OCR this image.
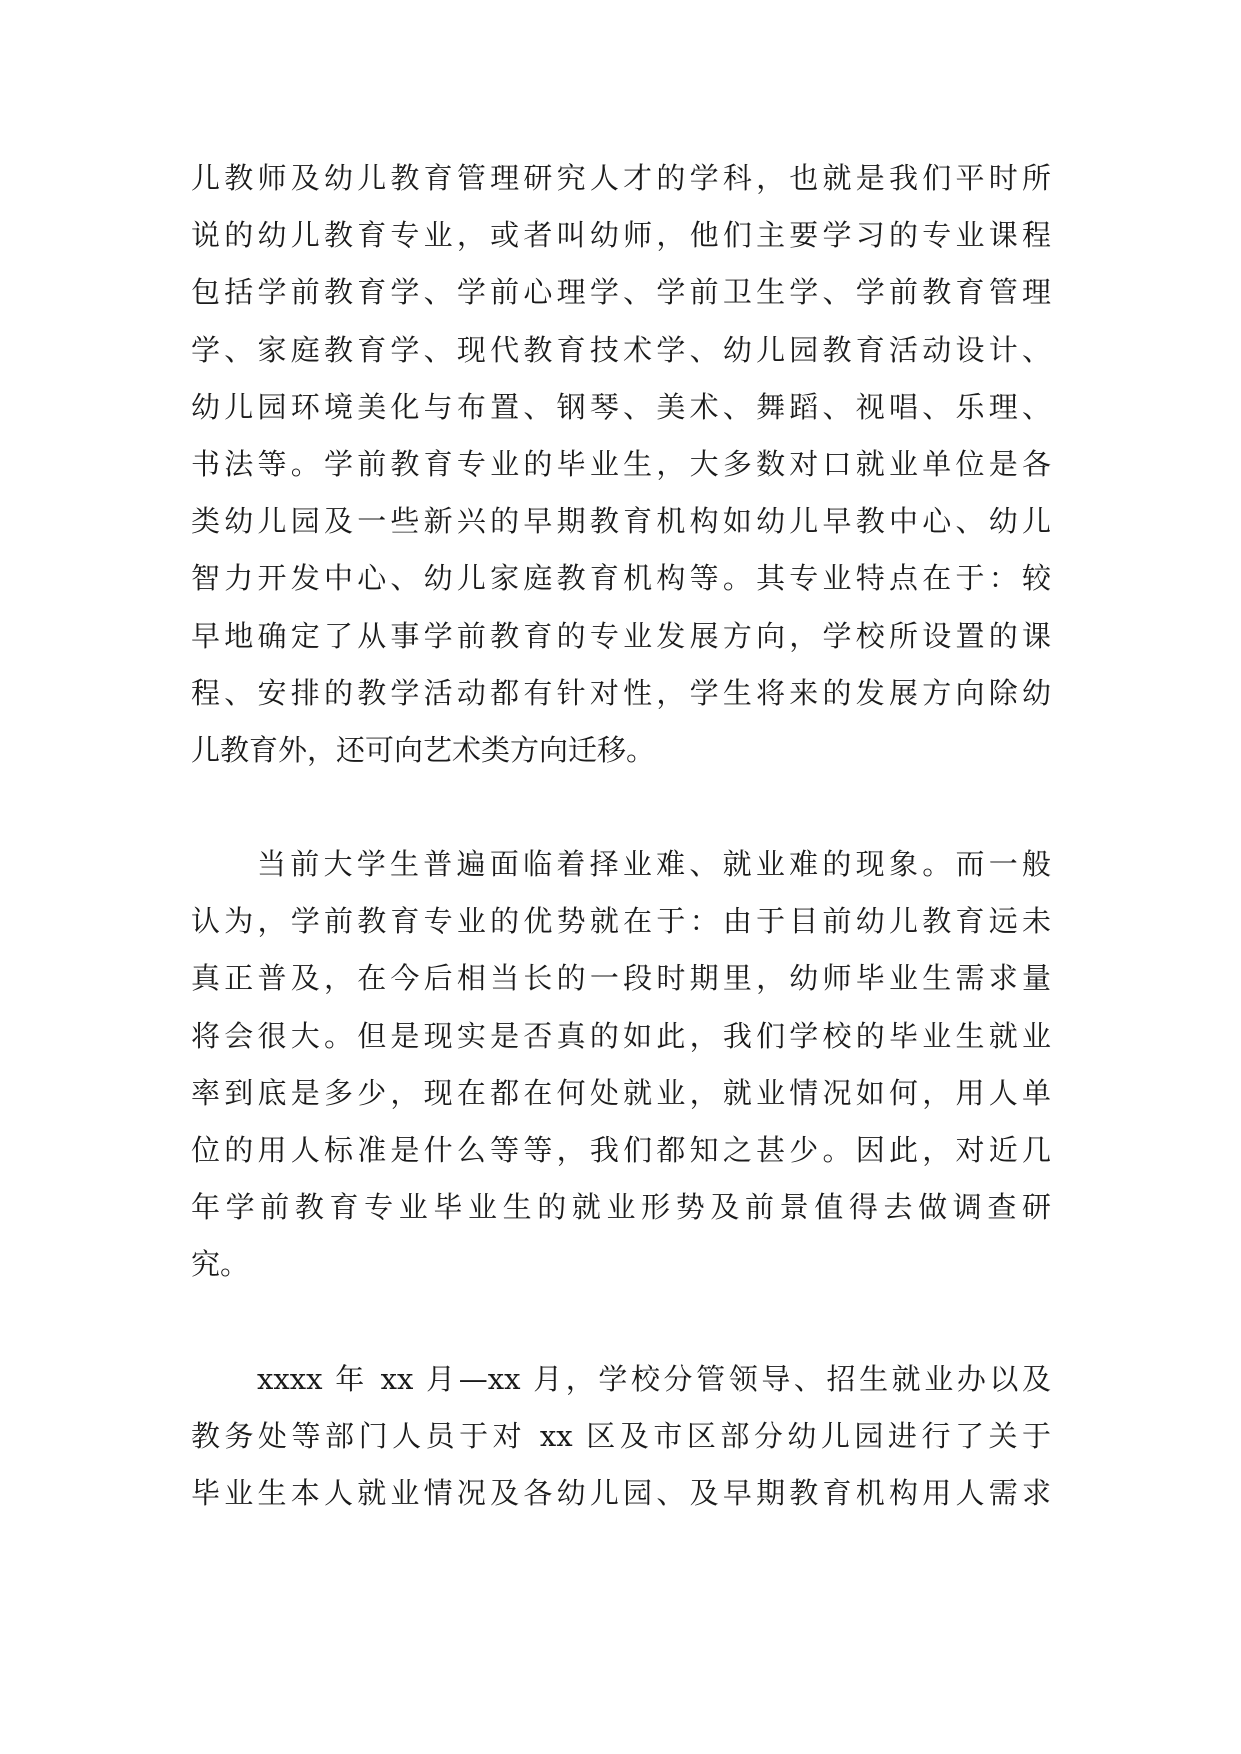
儿教师及幼儿教育管理研究人才的学科，也就是我们平时所
说的幼儿教育专业，或者叫幼师，他们主要学习的专业课程
包括学前教育学、学前心理学、学前卫生学、学前教育管理
学、家庭教育学、现代教育技术学、幼儿园教育活动设计、
幼儿园环境美化与布置、钢琴、美术、舞蹈、视唱、乐理、
书法等。学前教育专业的毕业生，大多数对口就业单位是各
类幼儿园及一些新兴的早期教育机构如幼儿早教中心、幼儿
智力开发中心、幼儿家庭教育机构等。其专业特点在于：较
早地确定了从事学前教育的专业发展方向，学校所设置的课
程、安排的教学活动都有针对性，学生将来的发展方向除幼
儿教育外，还可向艺术类方向迁移。
当前大学生普遍面临着择业难、就业难的现象。而一般
认为，学前教育专业的优势就在于：由于目前幼儿教育远未
真正普及，在今后相当长的一段时期里，幼师毕业生需求量
将会很大。但是现实是否真的如此，我们学校的毕业生就业
率到底是多少，现在都在何处就业，就业情况如何，用人单
位的用人标准是什么等等，我们都知之甚少。因此，对近几
年学前教育专业毕业生的就业形势及前景值得去做调查研
究。
xxxx 年 xx 月—xx 月，学校分管领导、招生就业办以及
教务处等部门人员于对 xx 区及市区部分幼儿园进行了关于
毕业生本人就业情况及各幼儿园、及早期教育机构用人需求
